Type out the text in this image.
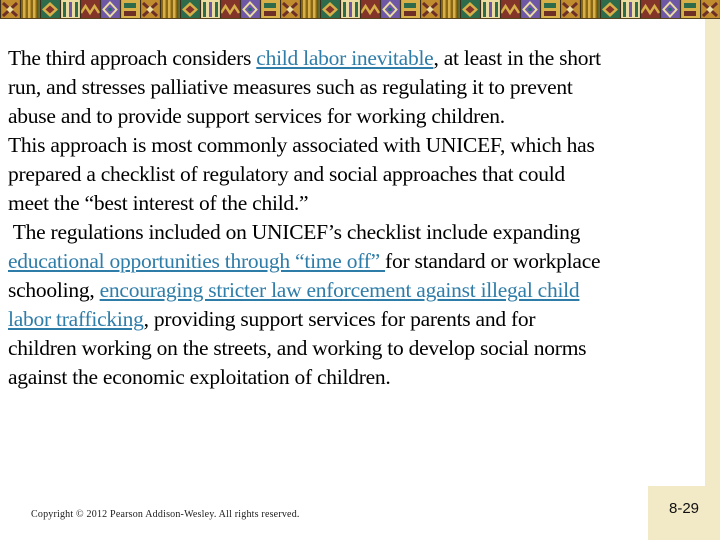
8-29
The third approach considers child labor inevitable, at least in the short
run, and stresses palliative measures such as regulating it to prevent
abuse and to provide support services for working children.
This approach is most commonly associated with UNICEF, which has
prepared a checklist of regulatory and social approaches that could
meet the “best interest of the child.”
The regulations included on UNICEF’s checklist include expanding
educational opportunities through “time off” for standard or workplace
schooling, encouraging stricter law enforcement against illegal child
labor trafficking, providing support services for parents and for
children working on the streets, and working to develop social norms
against the economic exploitation of children.
Copyright © 2012 Pearson Addison-Wesley. All rights reserved.
